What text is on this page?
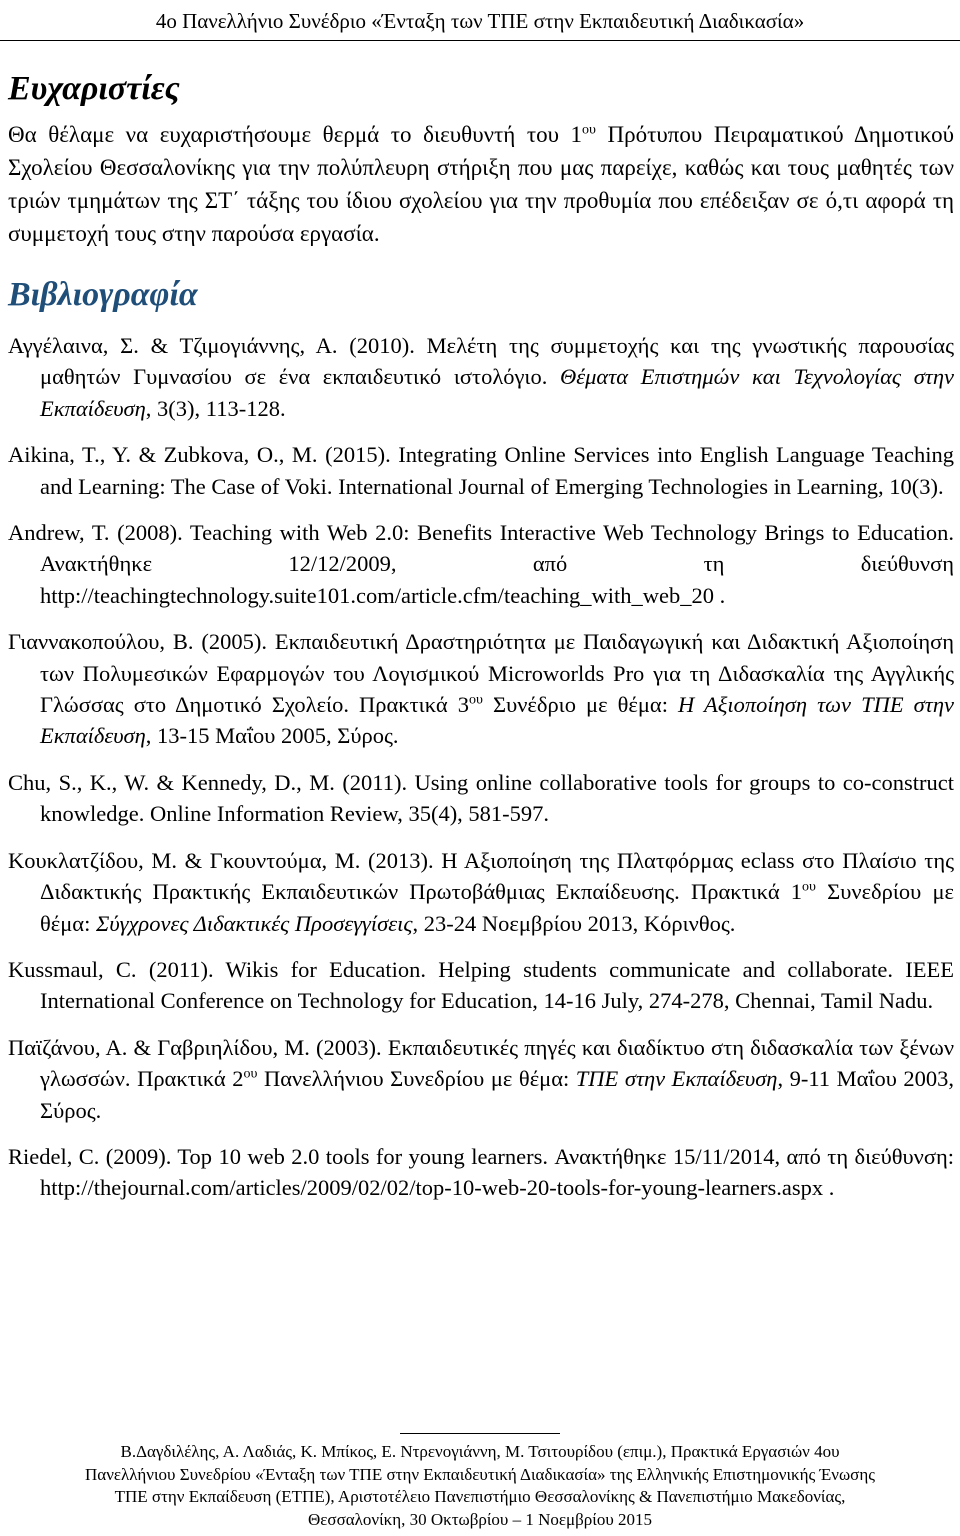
4ο Πανελλήνιο Συνέδριο «Ένταξη των ΤΠΕ στην Εκπαιδευτική Διαδικασία»
Ευχαριστίες

Θα θέλαμε να ευχαριστήσουμε θερμά το διευθυντή του $1^{o\upsilon}$ Πρότυπου Πειραματικού Δημοτικού Σχολείου Θεσσαλονίκης για την πολύπλευρη στήριξη που μας παρείχε, καθώς και τους μαθητές των τριών τμημάτων της ΣΤ΄ τάξης του ίδιου σχολείου για την προθυμία που επέδειξαν σε ό,τι αφορά τη συμμετοχή τους στην παρούσα εργασία.

Βιβλιογραφία

Αγγέλαινα, Σ. & Τζιμογιάννης, Α. (2010). Μελέτη της συμμετοχής και της γνωστικής παρουσίας μαθητών Γυμνασίου σε ένα εκπαιδευτικό ιστολόγιο. Θέματα Επιστημών και Τεχνολογίας στην Εκπαίδευση, 3(3), 113-128.

Aikina, T., Y. & Zubkova, O., M. (2015). Integrating Online Services into English Language Teaching and Learning: The Case of Voki. International Journal of Emerging Technologies in Learning, 10(3).

Andrew, T. (2008). Teaching with Web 2.0: Benefits Interactive Web Technology Brings to Education. Ανακτήθηκε 12/12/2009, από τη διεύθυνση http://teachingtechnology.suite101.com/article.cfm/teaching_with_web_20 .

Γιαννακοπούλου, Β. (2005). Εκπαιδευτική Δραστηριότητα με Παιδαγωγική και Διδακτική Αξιοποίηση των Πολυμεσικών Εφαρμογών του Λογισμικού Microworlds Pro για τη Διδασκαλία της Αγγλικής Γλώσσας στο Δημοτικό Σχολείο. Πρακτικά $3^{o\upsilon}$ Συνέδριο με θέμα: Η Αξιοποίηση των ΤΠΕ στην Εκπαίδευση, 13-15 Μαΐου 2005, Σύρος.

Chu, S., K., W. & Kennedy, D., M. (2011). Using online collaborative tools for groups to co-construct knowledge. Online Information Review, 35(4), 581-597.

Κουκλατζίδου, Μ. & Γκουντούμα, Μ. (2013). Η Αξιοποίηση της Πλατφόρμας eclass στο Πλαίσιο της Διδακτικής Πρακτικής Εκπαιδευτικών Πρωτοβάθμιας Εκπαίδευσης. Πρακτικά $1^{o\upsilon}$ Συνεδρίου με θέμα: Σύγχρονες Διδακτικές Προσεγγίσεις, 23-24 Νοεμβρίου 2013, Κόρινθος.

Kussmaul, C. (2011). Wikis for Education. Helping students communicate and collaborate. IEEE International Conference on Technology for Education, 14-16 July, 274-278, Chennai, Tamil Nadu.

Παϊζάνου, Α. & Γαβριηλίδου, Μ. (2003). Εκπαιδευτικές πηγές και διαδίκτυο στη διδασκαλία των ξένων γλωσσών. Πρακτικά $2^{o\upsilon}$ Πανελλήνιου Συνεδρίου με θέμα: ΤΠΕ στην Εκπαίδευση, 9-11 Μαΐου 2003, Σύρος.

Riedel, C. (2009). Top 10 web 2.0 tools for young learners. Ανακτήθηκε 15/11/2014, από τη διεύθυνση: http://thejournal.com/articles/2009/02/02/top-10-web-20-tools-for-young-learners.aspx .

Β.Δαγδιλέλης, Α. Λαδιάς, Κ. Μπίκος, Ε. Ντρενογιάννη, Μ. Τσιτουρίδου (επιμ.), Πρακτικά Εργασιών 4ου
Πανελλήνιου Συνεδρίου «Ένταξη των ΤΠΕ στην Εκπαιδευτική Διαδικασία» της Ελληνικής Επιστημονικής Ένωσης
ΤΠΕ στην Εκπαίδευση (ΕΤΠΕ), Αριστοτέλειο Πανεπιστήμιο Θεσσαλονίκης & Πανεπιστήμιο Μακεδονίας,
Θεσσαλονίκη, 30 Οκτωβρίου – 1 Νοεμβρίου 2015
